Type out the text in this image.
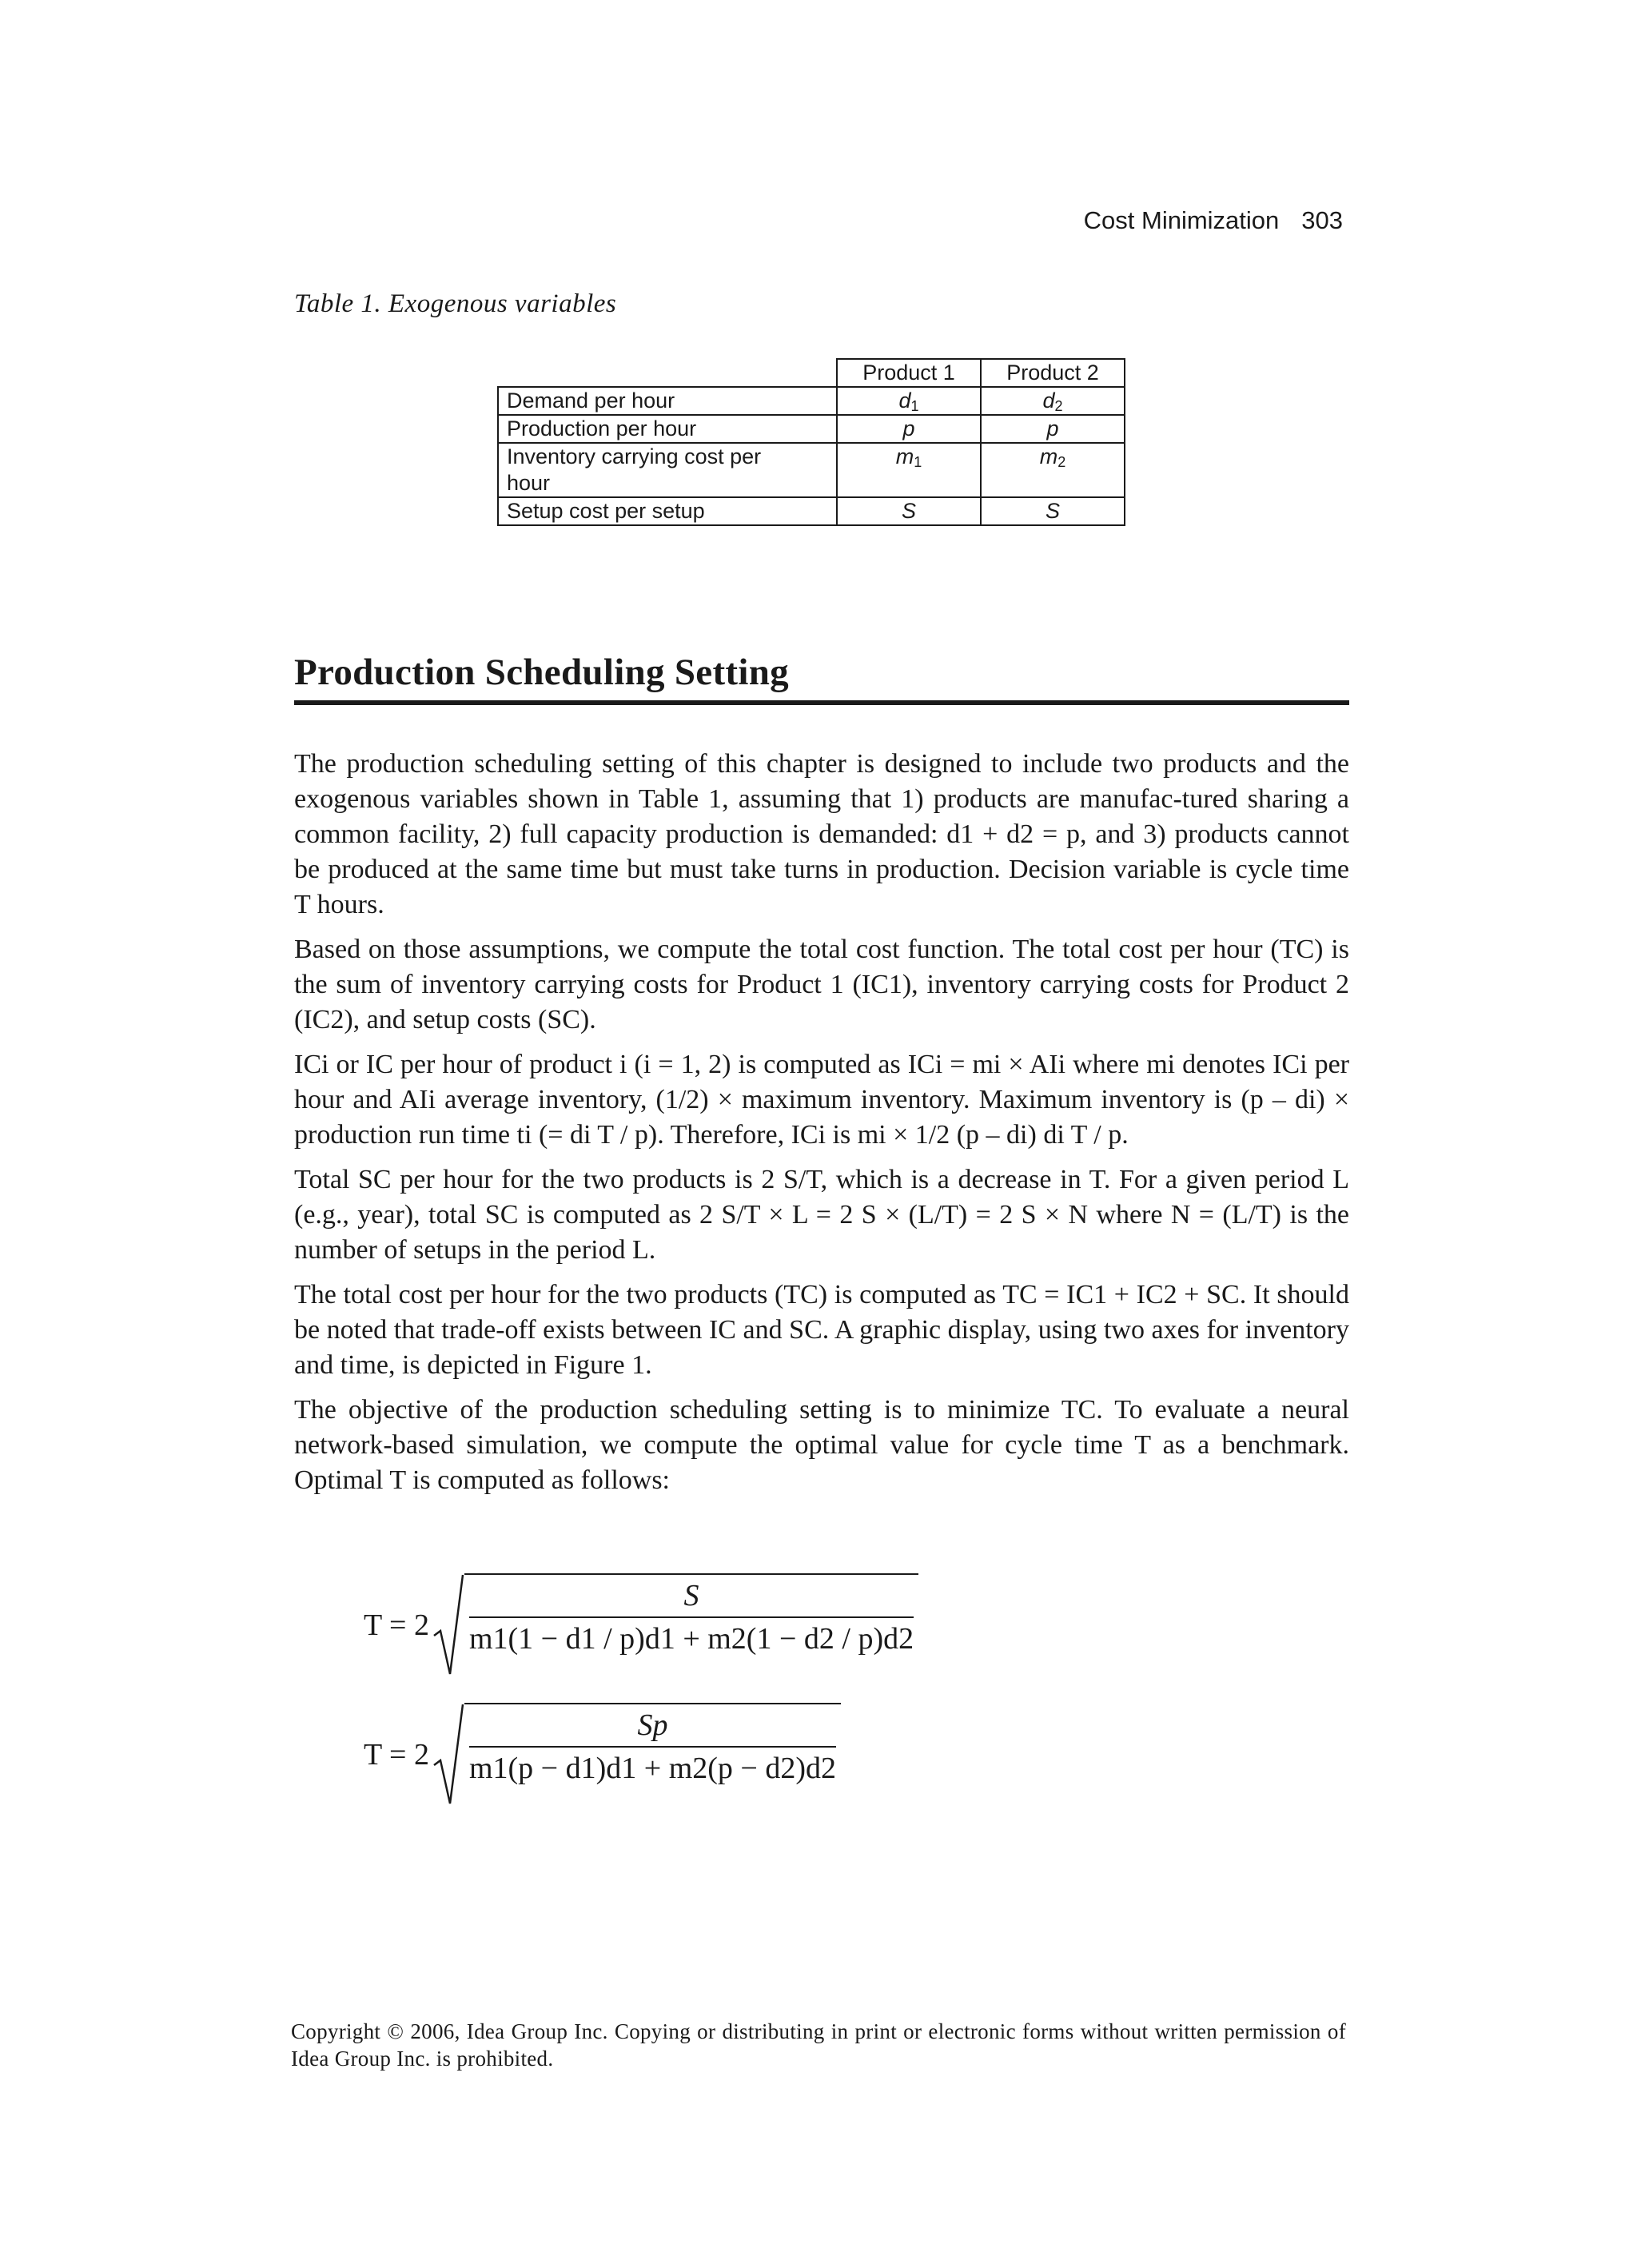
Cost Minimization 303
Table 1. Exogenous variables
	Product 1	Product 2
Demand per hour	$d_1$	$d_2$
Production per hour	p	p
Inventory carrying cost per hour	$m_1$	$m_2$
Setup cost per setup	S	S
Production Scheduling Setting

The production scheduling setting of this chapter is designed to include two products and the exogenous variables shown in Table 1, assuming that 1) products are manufac-tured sharing a common facility, 2) full capacity production is demanded: d1 + d2 = p, and 3) products cannot be produced at the same time but must take turns in production. Decision variable is cycle time T hours.

Based on those assumptions, we compute the total cost function. The total cost per hour (TC) is the sum of inventory carrying costs for Product 1 (IC1), inventory carrying costs for Product 2 (IC2), and setup costs (SC).

ICi or IC per hour of product i (i = 1, 2) is computed as ICi = mi × AIi where mi denotes ICi per hour and AIi average inventory, (1/2) × maximum inventory. Maximum inventory is (p – di) × production run time ti (= di T / p). Therefore, ICi is mi × 1/2 (p – di) di T / p.

Total SC per hour for the two products is 2 S/T, which is a decrease in T. For a given period L (e.g., year), total SC is computed as 2 S/T × L = 2 S × (L/T) = 2 S × N where N = (L/T) is the number of setups in the period L.

The total cost per hour for the two products (TC) is computed as TC = IC1 + IC2 + SC. It should be noted that trade-off exists between IC and SC. A graphic display, using two axes for inventory and time, is depicted in Figure 1.

The objective of the production scheduling setting is to minimize TC. To evaluate a neural network-based simulation, we compute the optimal value for cycle time T as a benchmark. Optimal T is computed as follows:

$T = 2 \frac{S}{m1(1 - d1 / p)d1 + m2(1 - d2 / p)d2}$
$T = 2 \frac{Sp}{m1(p - d1)d1 + m2(p - d2)d2}$
Copyright © 2006, Idea Group Inc. Copying or distributing in print or electronic forms without written permission of Idea Group Inc. is prohibited.
